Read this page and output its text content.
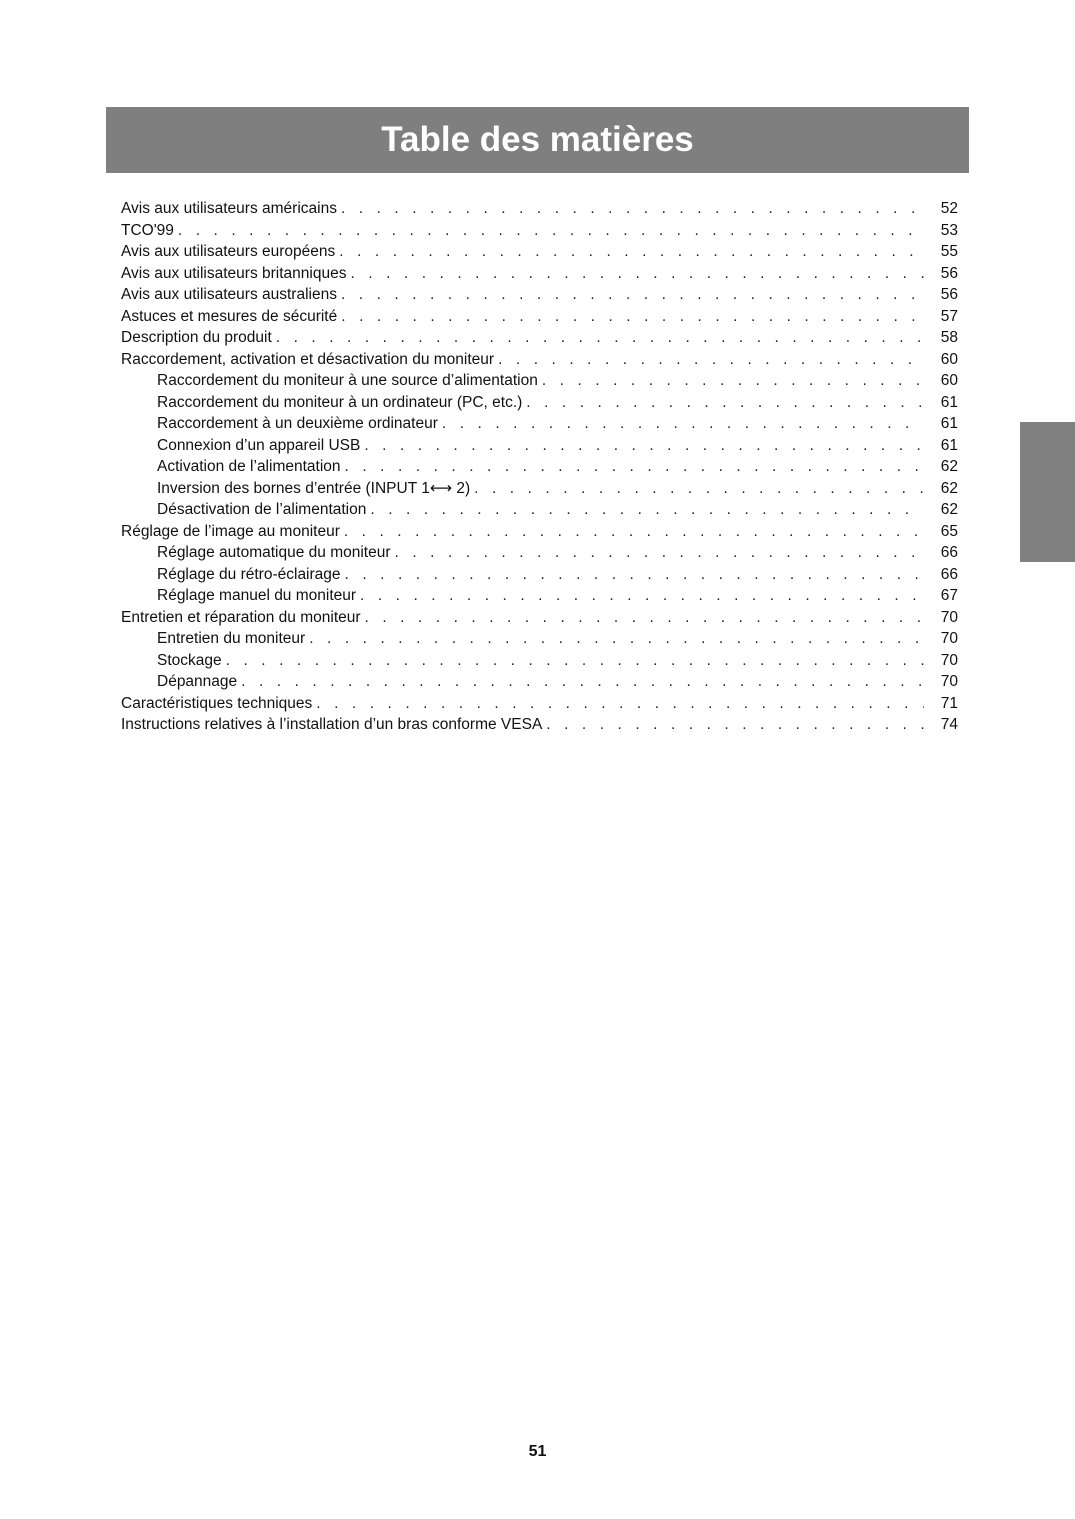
Table des matières
Avis aux utilisateurs américains . . .	52
TCO'99 . . .	53
Avis aux utilisateurs européens . . .	55
Avis aux utilisateurs britanniques . . .	56
Avis aux utilisateurs australiens . . .	56
Astuces et mesures de sécurité . . .	57
Description du produit . . .	58
Raccordement, activation et désactivation du moniteur . . .	60
Raccordement du moniteur à une source d’alimentation . . .	60
Raccordement du moniteur à un ordinateur (PC, etc.) . . .	61
Raccordement à un deuxième ordinateur . . .	61
Connexion d’un appareil USB . . .	61
Activation de l’alimentation . . .	62
Inversion des bornes d’entrée (INPUT 1⟷ 2) . . .	62
Désactivation de l’alimentation . . .	62
Réglage de l’image au moniteur . . .	65
Réglage automatique du moniteur . . .	66
Réglage du rétro-éclairage . . .	66
Réglage manuel du moniteur . . .	67
Entretien et réparation du moniteur . . .	70
Entretien du moniteur . . .	70
Stockage . . .	70
Dépannage . . .	70
Caractéristiques techniques . . .	71
Instructions relatives à l’installation d’un bras conforme VESA . . .	74
51
